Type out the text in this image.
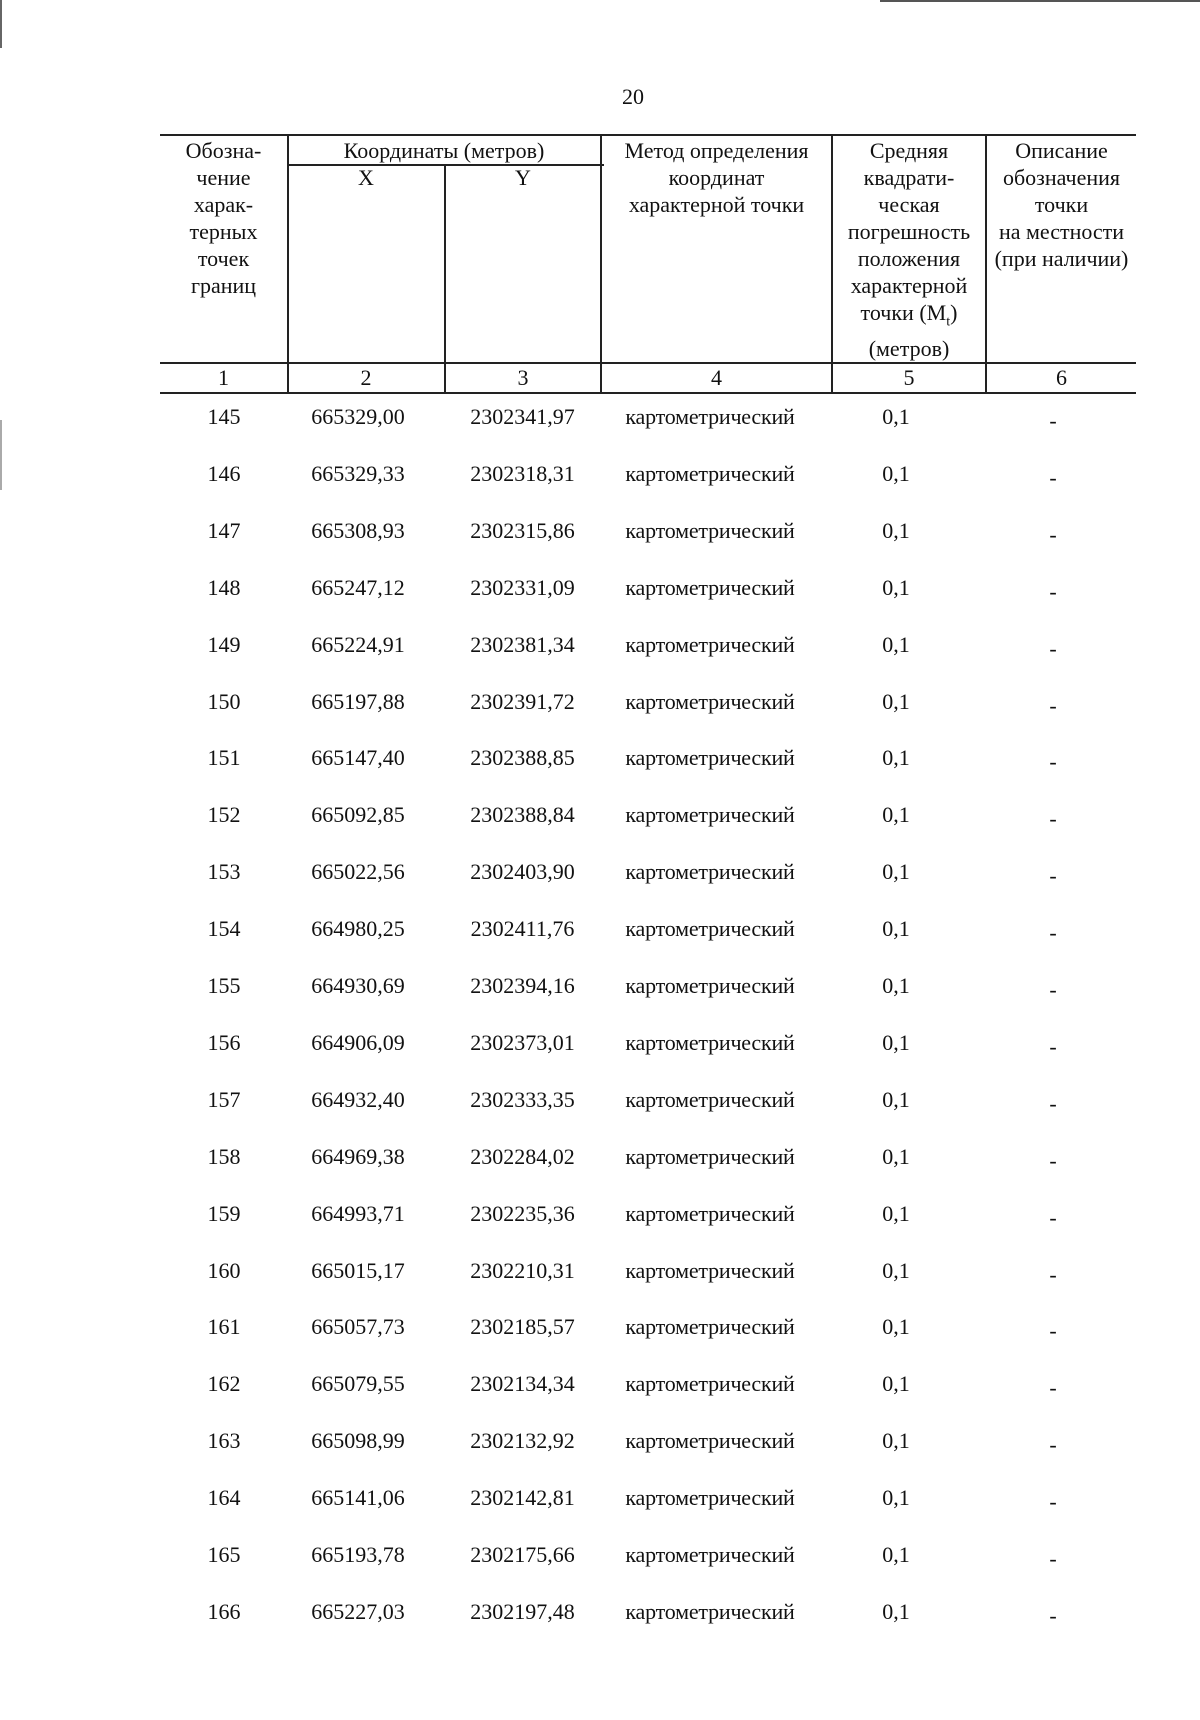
20
Обозна-
чение
харак-
терных
точек
границ
Координаты (метров)
X	Y
Метод определения
координат
характерной точки
Средняя
квадрати-
ческая
погрешность
положения
характерной
точки $(M_t)$
(метров)
Описание
обозначения
точки
на местности
(при наличии)
1	2	3	4	5	6
145	665329,00	2302341,97	картометрический	0,1	-
146	665329,33	2302318,31	картометрический	0,1	-
147	665308,93	2302315,86	картометрический	0,1	-
148	665247,12	2302331,09	картометрический	0,1	-
149	665224,91	2302381,34	картометрический	0,1	-
150	665197,88	2302391,72	картометрический	0,1	-
151	665147,40	2302388,85	картометрический	0,1	-
152	665092,85	2302388,84	картометрический	0,1	-
153	665022,56	2302403,90	картометрический	0,1	-
154	664980,25	2302411,76	картометрический	0,1	-
155	664930,69	2302394,16	картометрический	0,1	-
156	664906,09	2302373,01	картометрический	0,1	-
157	664932,40	2302333,35	картометрический	0,1	-
158	664969,38	2302284,02	картометрический	0,1	-
159	664993,71	2302235,36	картометрический	0,1	-
160	665015,17	2302210,31	картометрический	0,1	-
161	665057,73	2302185,57	картометрический	0,1	-
162	665079,55	2302134,34	картометрический	0,1	-
163	665098,99	2302132,92	картометрический	0,1	-
164	665141,06	2302142,81	картометрический	0,1	-
165	665193,78	2302175,66	картометрический	0,1	-
166	665227,03	2302197,48	картометрический	0,1	-
